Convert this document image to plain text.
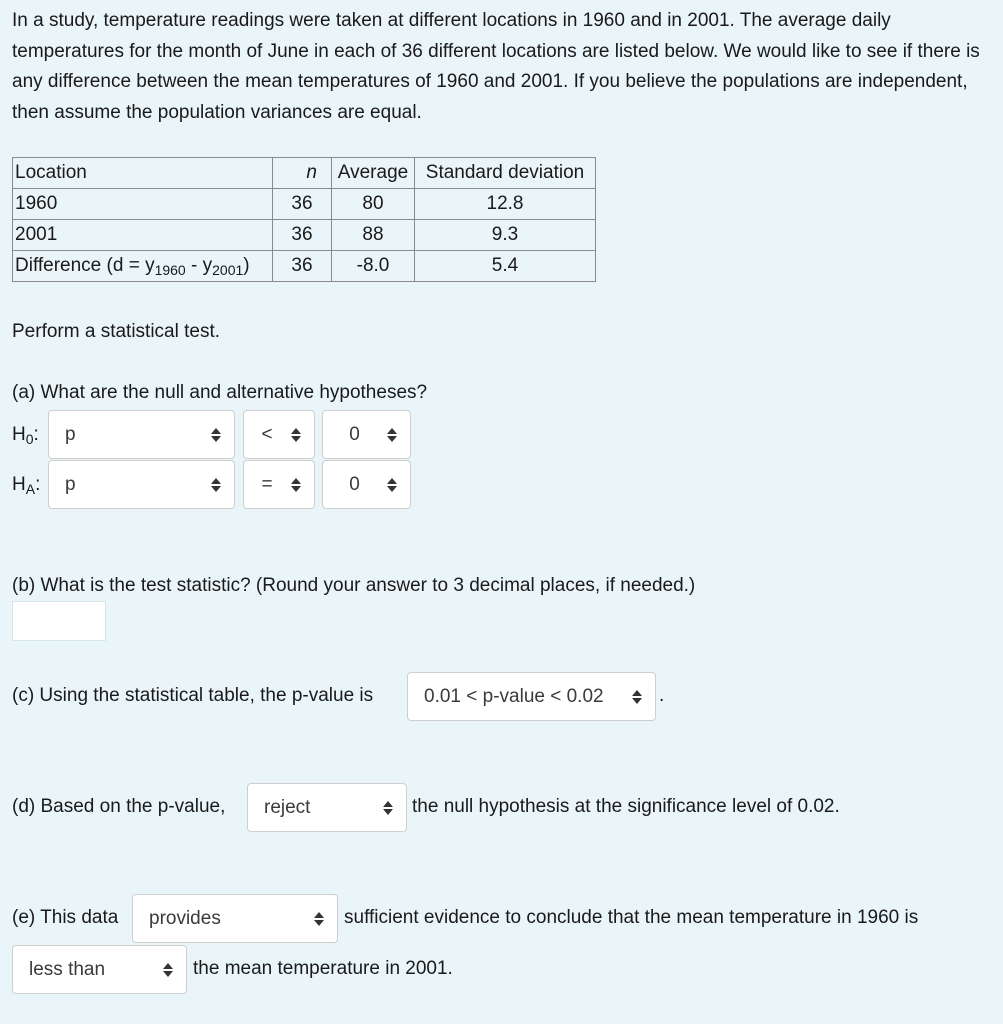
In a study, temperature readings were taken at different locations in 1960 and in 2001. The average daily temperatures for the month of June in each of 36 different locations are listed below. We would like to see if there is any difference between the mean temperatures of 1960 and 2001. If you believe the populations are independent, then assume the population variances are equal.
Location	n	Average	Standard deviation
1960	36	80	12.8
2001	36	88	9.3
Difference $(d = y_{1960} - y_{2001})$	36	-8.0	5.4
Perform a statistical test.
(a) What are the null and alternative hypotheses?
$H_0$:	p	<	0
$H_A$:	p	=	0
(b) What is the test statistic? (Round your answer to 3 decimal places, if needed.)
(c) Using the statistical table, the p-value is	0.01 < p-value < 0.02	.
(d) Based on the p-value,	reject	the null hypothesis at the significance level of 0.02.
(e) This data	provides	sufficient evidence to conclude that the mean temperature in 1960 is
less than	the mean temperature in 2001.
